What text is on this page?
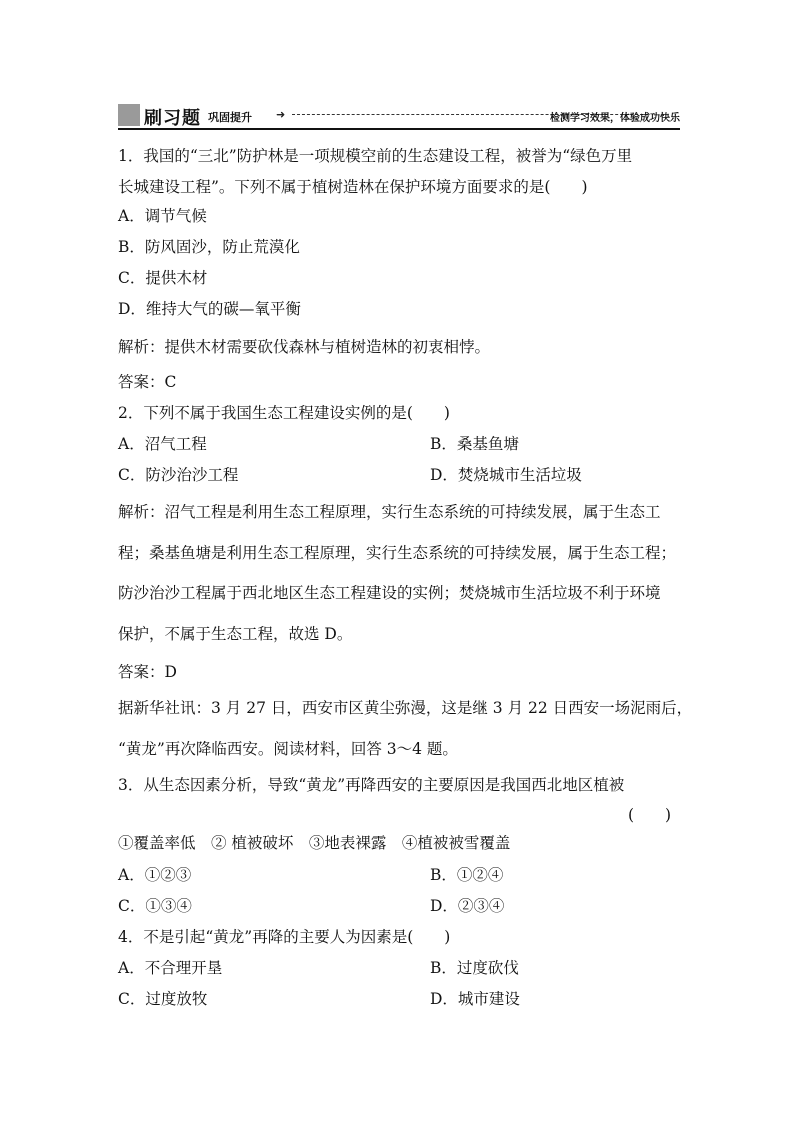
刷习题 巩固提升 ➜	检测学习效果，体验成功快乐
1．我国的“三北”防护林是一项规模空前的生态建设工程，被誉为“绿色万里
长城建设工程”。下列不属于植树造林在保护环境方面要求的是(　　)
A．调节气候
B．防风固沙，防止荒漠化
C．提供木材
D．维持大气的碳—氧平衡
解析：提供木材需要砍伐森林与植树造林的初衷相悖。
答案：C
2．下列不属于我国生态工程建设实例的是(　　)
A．沼气工程	B．桑基鱼塘
C．防沙治沙工程	D．焚烧城市生活垃圾
解析：沼气工程是利用生态工程原理，实行生态系统的可持续发展，属于生态工
程；桑基鱼塘是利用生态工程原理，实行生态系统的可持续发展，属于生态工程；
防沙治沙工程属于西北地区生态工程建设的实例；焚烧城市生活垃圾不利于环境
保护，不属于生态工程，故选 D。
答案：D
据新华社讯：3 月 27 日，西安市区黄尘弥漫，这是继 3 月 22 日西安一场泥雨后，
“黄龙”再次降临西安。阅读材料，回答 3～4 题。
3．从生态因素分析，导致“黄龙”再降西安的主要原因是我国西北地区植被
(　　)
①覆盖率低　② 植被破坏　③地表裸露　④植被被雪覆盖
A．①②③	B．①②④
C．①③④	D．②③④
4．不是引起“黄龙”再降的主要人为因素是(　　)
A．不合理开垦	B．过度砍伐
C．过度放牧	D．城市建设
